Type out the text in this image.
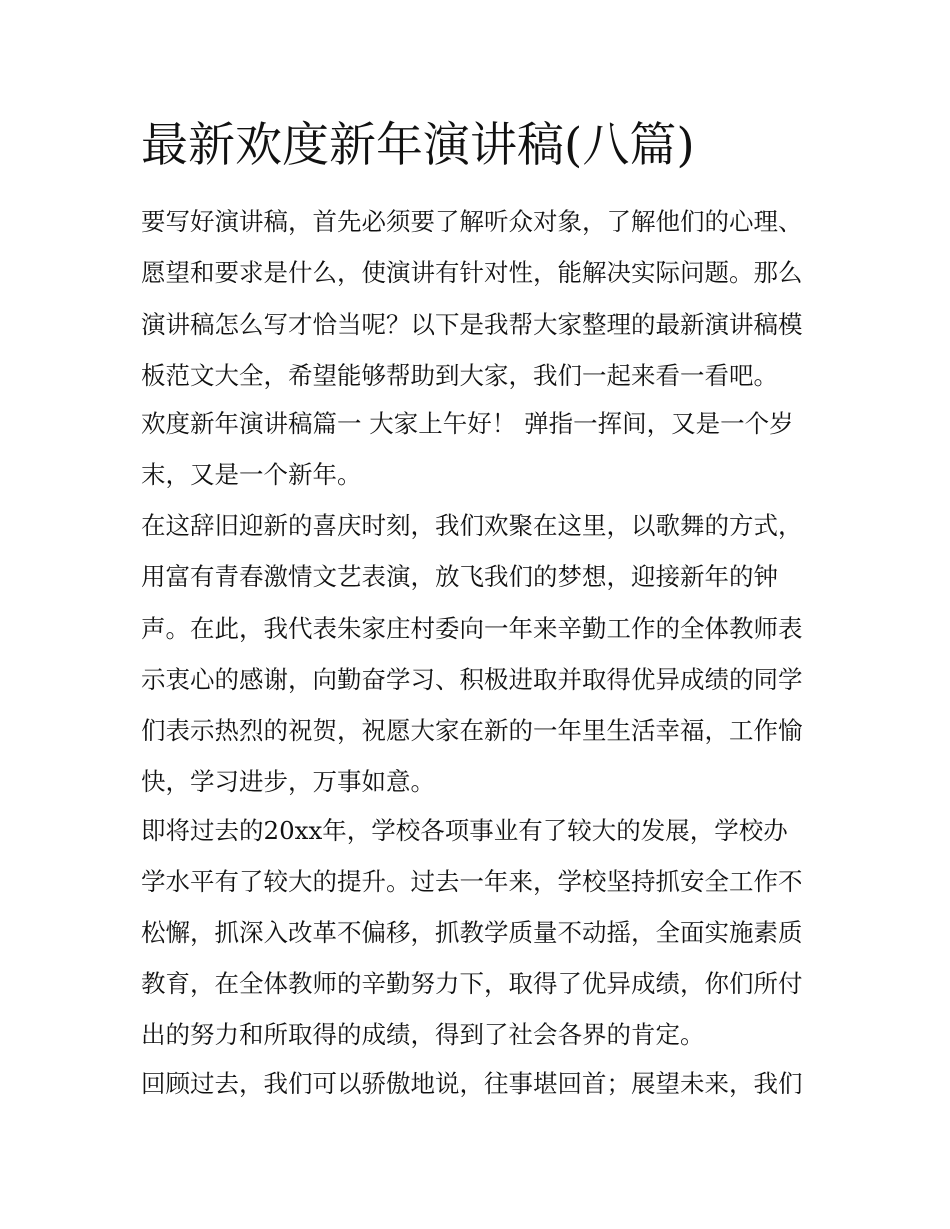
最新欢度新年演讲稿(八篇)

要写好演讲稿，首先必须要了解听众对象，了解他们的心理、

愿望和要求是什么，使演讲有针对性，能解决实际问题。那么

演讲稿怎么写才恰当呢？以下是我帮大家整理的最新演讲稿模

板范文大全，希望能够帮助到大家，我们一起来看一看吧。

欢度新年演讲稿篇一 大家上午好！ 弹指一挥间，又是一个岁

末，又是一个新年。

在这辞旧迎新的喜庆时刻，我们欢聚在这里，以歌舞的方式，

用富有青春激情文艺表演，放飞我们的梦想，迎接新年的钟

声。在此，我代表朱家庄村委向一年来辛勤工作的全体教师表

示衷心的感谢，向勤奋学习、积极进取并取得优异成绩的同学

们表示热烈的祝贺，祝愿大家在新的一年里生活幸福，工作愉

快，学习进步，万事如意。

即将过去的20xx年，学校各项事业有了较大的发展，学校办

学水平有了较大的提升。过去一年来，学校坚持抓安全工作不

松懈，抓深入改革不偏移，抓教学质量不动摇，全面实施素质

教育，在全体教师的辛勤努力下，取得了优异成绩，你们所付

出的努力和所取得的成绩，得到了社会各界的肯定。

回顾过去，我们可以骄傲地说，往事堪回首；展望未来，我们
